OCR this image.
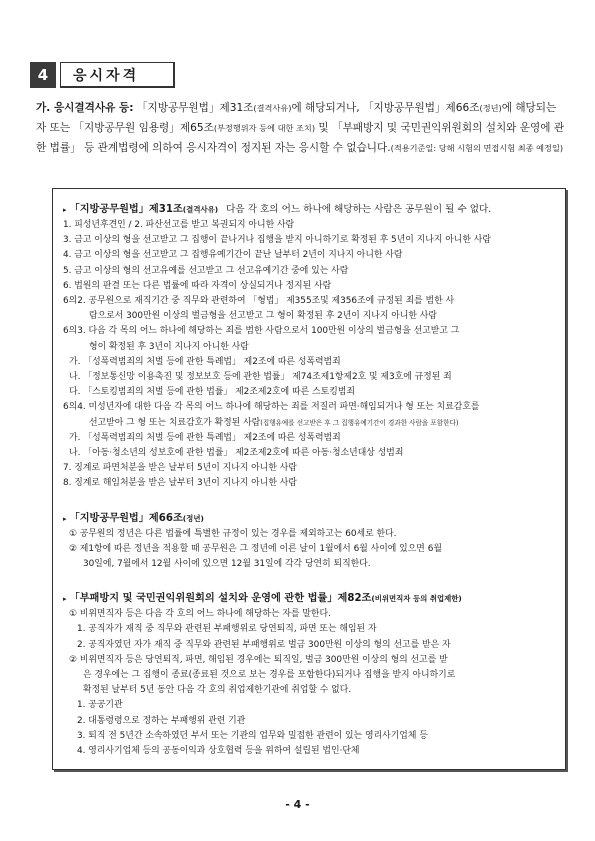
4	응시자격
가. 응시결격사유 등: 「지방공무원법」제31조(결격사유)에 해당되거나, 「지방공무원법」제66조(정년)에 해당되는 자 또는 「지방공무원 임용령」제65조(부정행위자 등에 대한 조치) 및 「부패방지 및 국민권익위원회의 설치와 운영에 관한 법률」 등 관계법령에 의하여 응시자격이 정지된 자는 응시할 수 없습니다.(적용기준일: 당해 시험의 면접시험 최종 예정일)
▸ 「지방공무원법」제31조(결격사유) 다음 각 호의 어느 하나에 해당하는 사람은 공무원이 될 수 없다.
1. 피성년후견인 / 2. 파산선고를 받고 복권되지 아니한 사람
3. 금고 이상의 형을 선고받고 그 집행이 끝나거나 집행을 받지 아니하기로 확정된 후 5년이 지나지 아니한 사람
4. 금고 이상의 형을 선고받고 그 집행유예기간이 끝난 날부터 2년이 지나지 아니한 사람
5. 금고 이상의 형의 선고유예를 선고받고 그 선고유예기간 중에 있는 사람
6. 법원의 판결 또는 다른 법률에 따라 자격이 상실되거나 정지된 사람
6의2. 공무원으로 재직기간 중 직무와 관련하여 「형법」 제355조및 제356조에 규정된 죄를 범한 사
람으로서 300만원 이상의 벌금형을 선고받고 그 형이 확정된 후 2년이 지나지 아니한 사람
6의3. 다음 각 목의 어느 하나에 해당하는 죄를 범한 사람으로서 100만원 이상의 벌금형을 선고받고 그
형이 확정된 후 3년이 지나지 아니한 사람
가. 「성폭력범죄의 처벌 등에 관한 특례법」 제2조에 따른 성폭력범죄
나. 「정보통신망 이용촉진 및 정보보호 등에 관한 법률」 제74조제1항제2호 및 제3호에 규정된 죄
다. 「스토킹범죄의 처벌 등에 관한 법률」 제2조제2호에 따른 스토킹범죄
6의4. 미성년자에 대한 다음 각 목의 어느 하나에 해당하는 죄를 저질러 파면·해임되거나 형 또는 치료감호를
선고받아 그 형 또는 치료감호가 확정된 사람(집행유예를 선고받은 후 그 집행유예기간이 경과한 사람을 포함한다)
가. 「성폭력범죄의 처벌 등에 관한 특례법」 제2조에 따른 성폭력범죄
나. 「아동·청소년의 성보호에 관한 법률」 제2조제2호에 따른 아동·청소년대상 성범죄
7. 징계로 파면처분을 받은 날부터 5년이 지나지 아니한 사람
8. 징계로 해임처분을 받은 날부터 3년이 지나지 아니한 사람
▸ 「지방공무원법」제66조(정년)
① 공무원의 정년은 다른 법률에 특별한 규정이 있는 경우를 제외하고는 60세로 한다.
② 제1항에 따른 정년을 적용할 때 공무원은 그 정년에 이른 날이 1월에서 6월 사이에 있으면 6월
30일에, 7월에서 12월 사이에 있으면 12월 31일에 각각 당연히 퇴직한다.
▸ 「부패방지 및 국민권익위원회의 설치와 운영에 관한 법률」제82조(비위면직자 등의 취업제한)
① 비위면직자 등은 다음 각 호의 어느 하나에 해당하는 자를 말한다.
1. 공직자가 재직 중 직무와 관련된 부패행위로 당연퇴직, 파면 또는 해임된 자
2. 공직자였던 자가 재직 중 직무와 관련된 부패행위로 벌금 300만원 이상의 형의 선고를 받은 자
② 비위면직자 등은 당연퇴직, 파면, 해임된 경우에는 퇴직일, 벌금 300만원 이상의 형의 선고를 받
은 경우에는 그 집행이 종료(종료된 것으로 보는 경우를 포함한다)되거나 집행을 받지 아니하기로
확정된 날부터 5년 동안 다음 각 호의 취업제한기관에 취업할 수 없다.
1. 공공기관
2. 대통령령으로 정하는 부패행위 관련 기관
3. 퇴직 전 5년간 소속하였던 부서 또는 기관의 업무와 밀접한 관련이 있는 영리사기업체 등
4. 영리사기업체 등의 공동이익과 상호협력 등을 위하여 설립된 법인·단체
- 4 -
